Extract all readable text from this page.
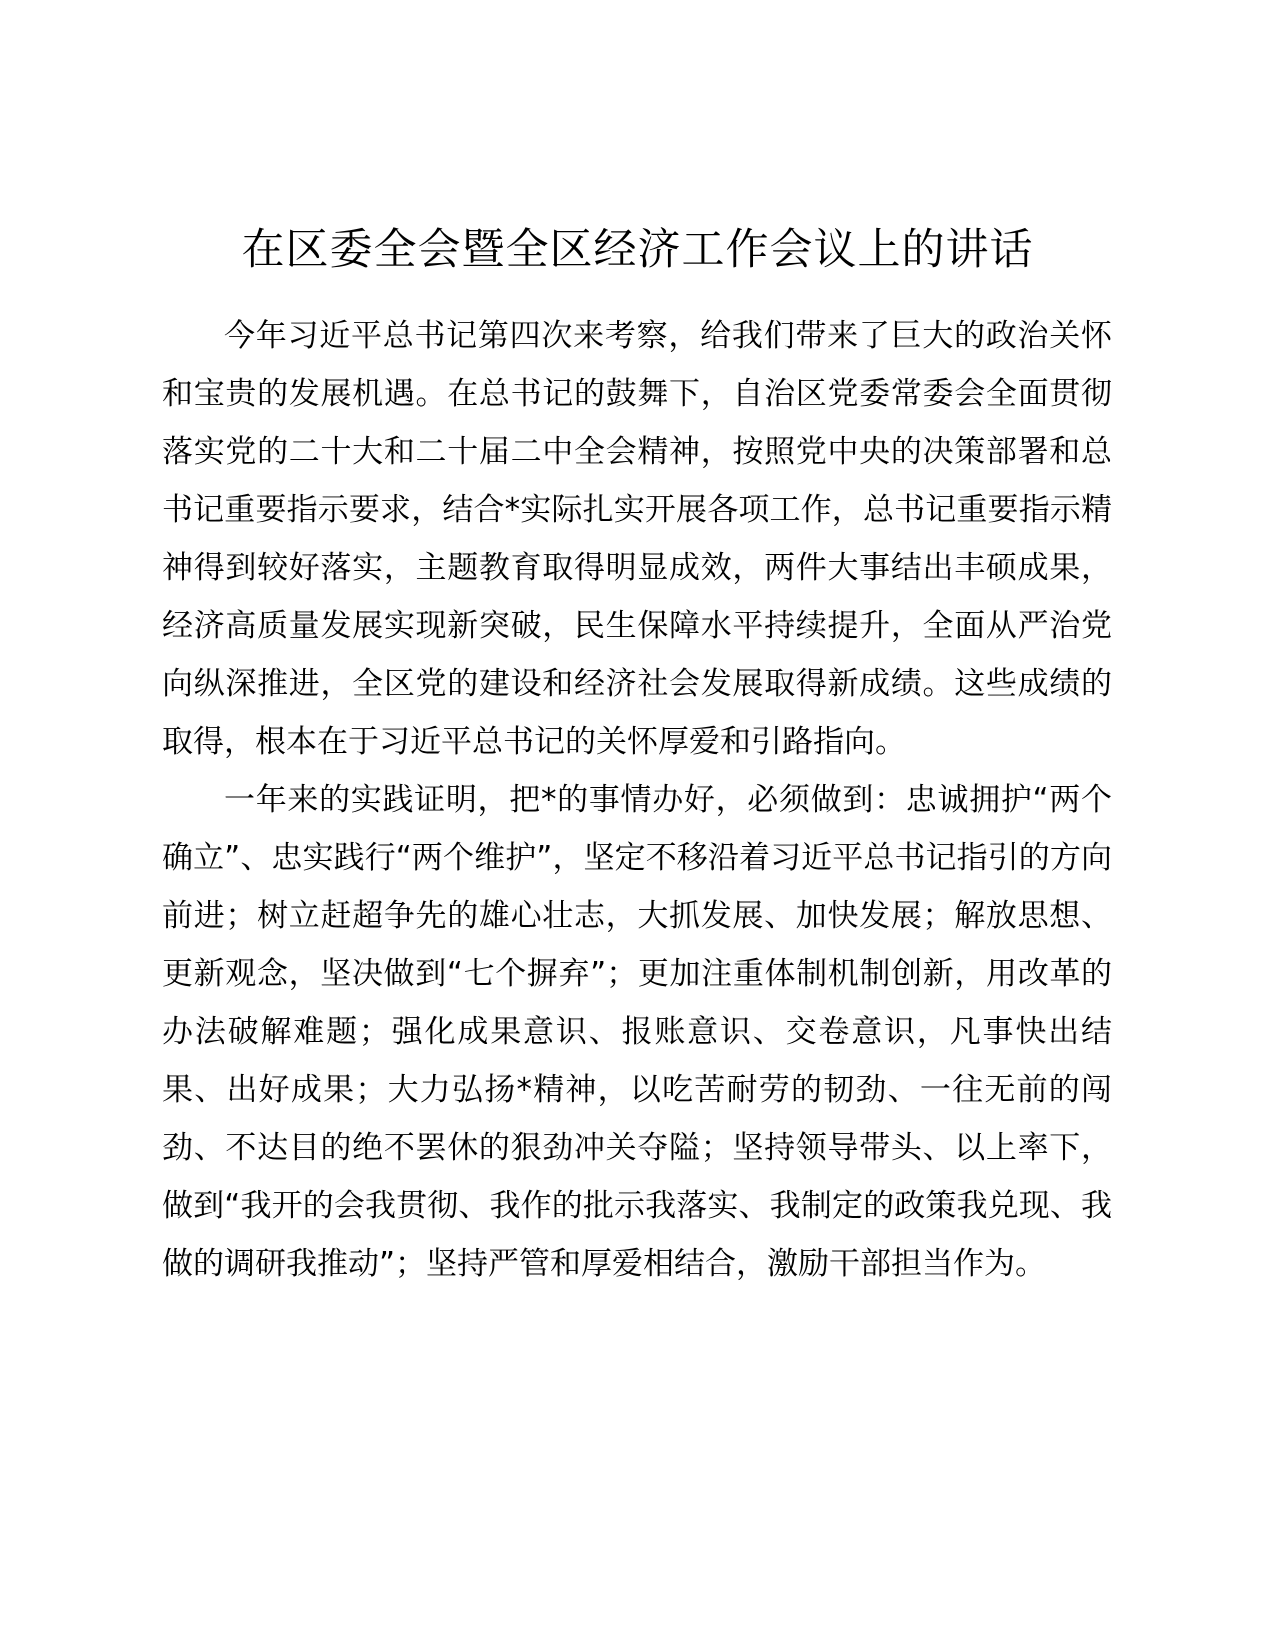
在区委全会暨全区经济工作会议上的讲话

今年习近平总书记第四次来考察，给我们带来了巨大的政治关怀和宝贵的发展机遇。在总书记的鼓舞下，自治区党委常委会全面贯彻落实党的二十大和二十届二中全会精神，按照党中央的决策部署和总书记重要指示要求，结合*实际扎实开展各项工作，总书记重要指示精神得到较好落实，主题教育取得明显成效，两件大事结出丰硕成果，经济高质量发展实现新突破，民生保障水平持续提升，全面从严治党向纵深推进，全区党的建设和经济社会发展取得新成绩。这些成绩的取得，根本在于习近平总书记的关怀厚爱和引路指向。

一年来的实践证明，把*的事情办好，必须做到：忠诚拥护“两个确立”、忠实践行“两个维护”，坚定不移沿着习近平总书记指引的方向前进；树立赶超争先的雄心壮志，大抓发展、加快发展；解放思想、更新观念，坚决做到“七个摒弃”；更加注重体制机制创新，用改革的办法破解难题；强化成果意识、报账意识、交卷意识，凡事快出结果、出好成果；大力弘扬*精神，以吃苦耐劳的韧劲、一往无前的闯劲、不达目的绝不罢休的狠劲冲关夺隘；坚持领导带头、以上率下，做到“我开的会我贯彻、我作的批示我落实、我制定的政策我兑现、我做的调研我推动”；坚持严管和厚爱相结合，激励干部担当作为。
